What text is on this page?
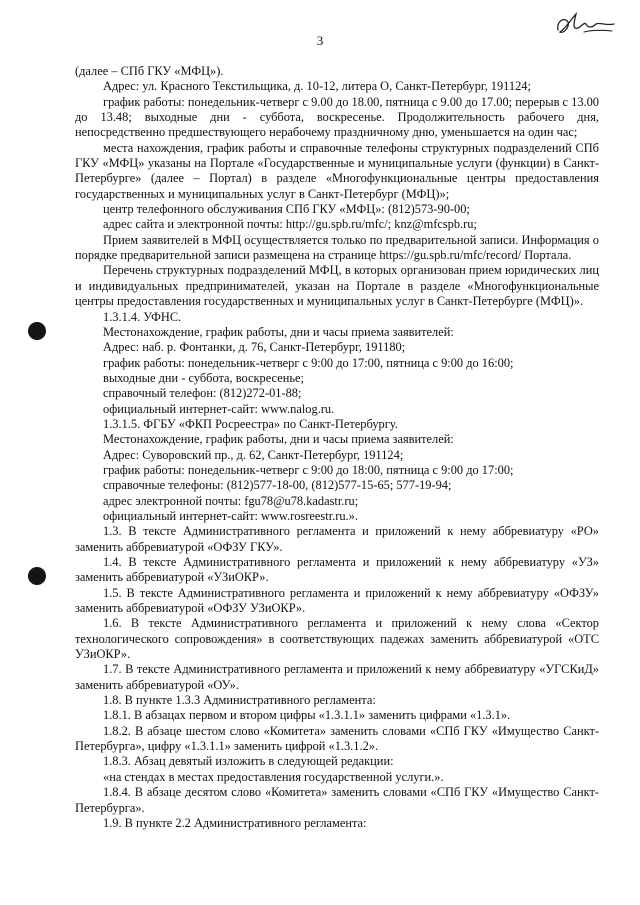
3

(далее – СПб ГКУ «МФЦ»).

Адрес: ул. Красного Текстильщика, д. 10-12, литера О, Санкт-Петербург, 191124;

график работы: понедельник-четверг с 9.00 до 18.00, пятница с 9.00 до 17.00; перерыв с 13.00 до 13.48; выходные дни - суббота, воскресенье. Продолжительность рабочего дня, непосредственно предшествующего нерабочему праздничному дню, уменьшается на один час;

места нахождения, график работы и справочные телефоны структурных подразделений СПб ГКУ «МФЦ» указаны на Портале «Государственные и муниципальные услуги (функции) в Санкт-Петербурге» (далее – Портал) в разделе «Многофункциональные центры предоставления государственных и муниципальных услуг в Санкт-Петербург (МФЦ)»;

центр телефонного обслуживания СПб ГКУ «МФЦ»: (812)573-90-00;

адрес сайта и электронной почты: http://gu.spb.ru/mfc/; knz@mfcspb.ru;

Прием заявителей в МФЦ осуществляется только по предварительной записи. Информация о порядке предварительной записи размещена на странице https://gu.spb.ru/mfc/record/ Портала.

Перечень структурных подразделений МФЦ, в которых организован прием юридических лиц и индивидуальных предпринимателей, указан на Портале в разделе «Многофункциональные центры предоставления государственных и муниципальных услуг в Санкт-Петербурге (МФЦ)».

1.3.1.4. УФНС.

Местонахождение, график работы, дни и часы приема заявителей:

Адрес: наб. р. Фонтанки, д. 76, Санкт-Петербург, 191180;

график работы: понедельник-четверг с 9:00 до 17:00, пятница с 9:00 до 16:00;

выходные дни - суббота, воскресенье;

справочный телефон: (812)272-01-88;

официальный интернет-сайт: www.nalog.ru.

1.3.1.5. ФГБУ «ФКП Росреестра» по Санкт-Петербургу.

Местонахождение, график работы, дни и часы приема заявителей:

Адрес: Суворовский пр., д. 62, Санкт-Петербург, 191124;

график работы: понедельник-четверг с 9:00 до 18:00, пятница с 9:00 до 17:00;

справочные телефоны: (812)577-18-00, (812)577-15-65; 577-19-94;

адрес электронной почты: fgu78@u78.kadastr.ru;

официальный интернет-сайт: www.rosreestr.ru.».

1.3. В тексте Административного регламента и приложений к нему аббревиатуру «РО» заменить аббревиатурой «ОФЗУ ГКУ».

1.4. В тексте Административного регламента и приложений к нему аббревиатуру «УЗ» заменить аббревиатурой «УЗиОКР».

1.5. В тексте Административного регламента и приложений к нему аббревиатуру «ОФЗУ» заменить аббревиатурой «ОФЗУ УЗиОКР».

1.6. В тексте Административного регламента и приложений к нему слова «Сектор технологического сопровождения» в соответствующих падежах заменить аббревиатурой «ОТС УЗиОКР».

1.7. В тексте Административного регламента и приложений к нему аббревиатуру «УГСКиД» заменить аббревиатурой «ОУ».

1.8. В пункте 1.3.3 Административного регламента:

1.8.1. В абзацах первом и втором цифры «1.3.1.1» заменить цифрами «1.3.1».

1.8.2. В абзаце шестом слово «Комитета» заменить словами «СПб ГКУ «Имущество Санкт-Петербурга», цифру «1.3.1.1» заменить цифрой «1.3.1.2».

1.8.3. Абзац девятый изложить в следующей редакции:

«на стендах в местах предоставления государственной услуги.».

1.8.4. В абзаце десятом слово «Комитета» заменить словами «СПб ГКУ «Имущество Санкт-Петербурга».

1.9. В пункте 2.2 Административного регламента:
